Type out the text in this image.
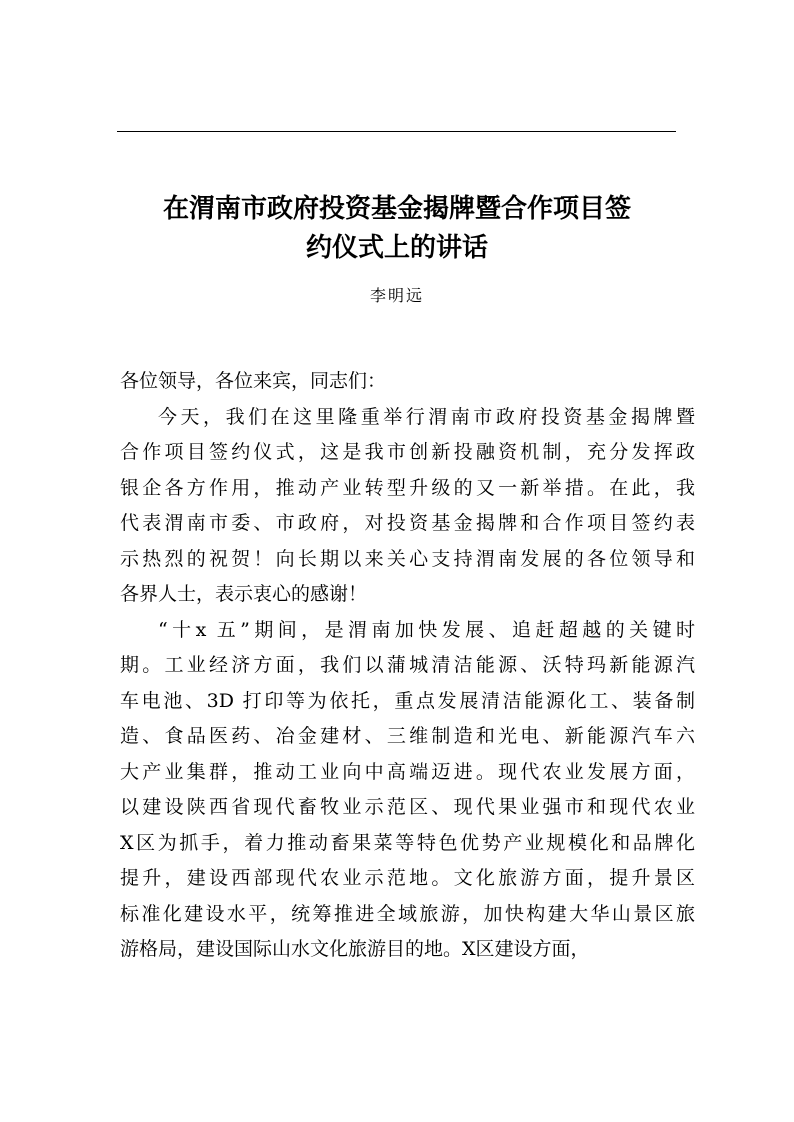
在渭南市政府投资基金揭牌暨合作项目签
约仪式上的讲话
李明远
各位领导，各位来宾，同志们：
今天，我们在这里隆重举行渭南市政府投资基金揭牌暨
合作项目签约仪式，这是我市创新投融资机制，充分发挥政
银企各方作用，推动产业转型升级的又一新举措。在此，我
代表渭南市委、市政府，对投资基金揭牌和合作项目签约表
示热烈的祝贺！向长期以来关心支持渭南发展的各位领导和
各界人士，表示衷心的感谢！
“十x 五”期间，是渭南加快发展、追赶超越的关键时
期。工业经济方面，我们以蒲城清洁能源、沃特玛新能源汽
车电池、3D 打印等为依托，重点发展清洁能源化工、装备制
造、食品医药、冶金建材、三维制造和光电、新能源汽车六
大产业集群，推动工业向中高端迈进。现代农业发展方面，
以建设陕西省现代畜牧业示范区、现代果业强市和现代农业
X区为抓手，着力推动畜果菜等特色优势产业规模化和品牌化
提升，建设西部现代农业示范地。文化旅游方面，提升景区
标准化建设水平，统筹推进全域旅游，加快构建大华山景区旅
游格局，建设国际山水文化旅游目的地。X区建设方面，
